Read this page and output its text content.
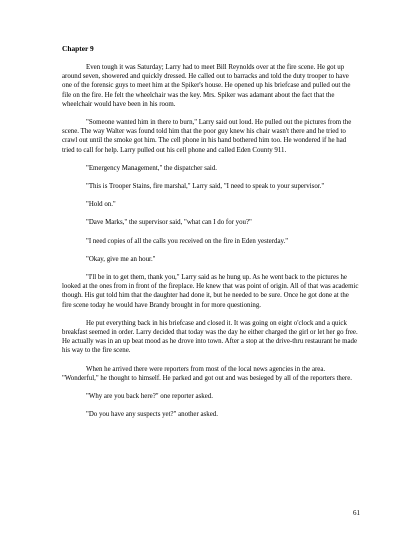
Chapter 9

Even tough it was Saturday; Larry had to meet Bill Reynolds over at the fire scene. He got up around seven, showered and quickly dressed. He called out to barracks and told the duty trooper to have one of the forensic guys to meet him at the Spiker's house. He opened up his briefcase and pulled out the file on the fire. He felt the wheelchair was the key. Mrs. Spiker was adamant about the fact that the wheelchair would have been in his room.

"Someone wanted him in there to burn," Larry said out loud. He pulled out the pictures from the scene. The way Walter was found told him that the poor guy knew his chair wasn't there and he tried to crawl out until the smoke got him. The cell phone in his hand bothered him too. He wondered if he had tried to call for help. Larry pulled out his cell phone and called Eden County 911.

"Emergency Management," the dispatcher said.

"This is Trooper Stains, fire marshal," Larry said, "I need to speak to your supervisor."

"Hold on."

"Dave Marks," the supervisor said, "what can I do for you?"

"I need copies of all the calls you received on the fire in Eden yesterday."

"Okay, give me an hour."

"I'll be in to get them, thank you," Larry said as he hung up. As he went back to the pictures he looked at the ones from in front of the fireplace. He knew that was point of origin. All of that was academic though. His gut told him that the daughter had done it, but he needed to be sure. Once he got done at the fire scene today he would have Brandy brought in for more questioning.

He put everything back in his briefcase and closed it. It was going on eight o'clock and a quick breakfast seemed in order. Larry decided that today was the day he either charged the girl or let her go free. He actually was in an up beat mood as he drove into town. After a stop at the drive-thru restaurant he made his way to the fire scene.

When he arrived there were reporters from most of the local news agencies in the area. "Wonderful," he thought to himself. He parked and got out and was besieged by all of the reporters there.

"Why are you back here?" one reporter asked.

"Do you have any suspects yet?" another asked.

61
